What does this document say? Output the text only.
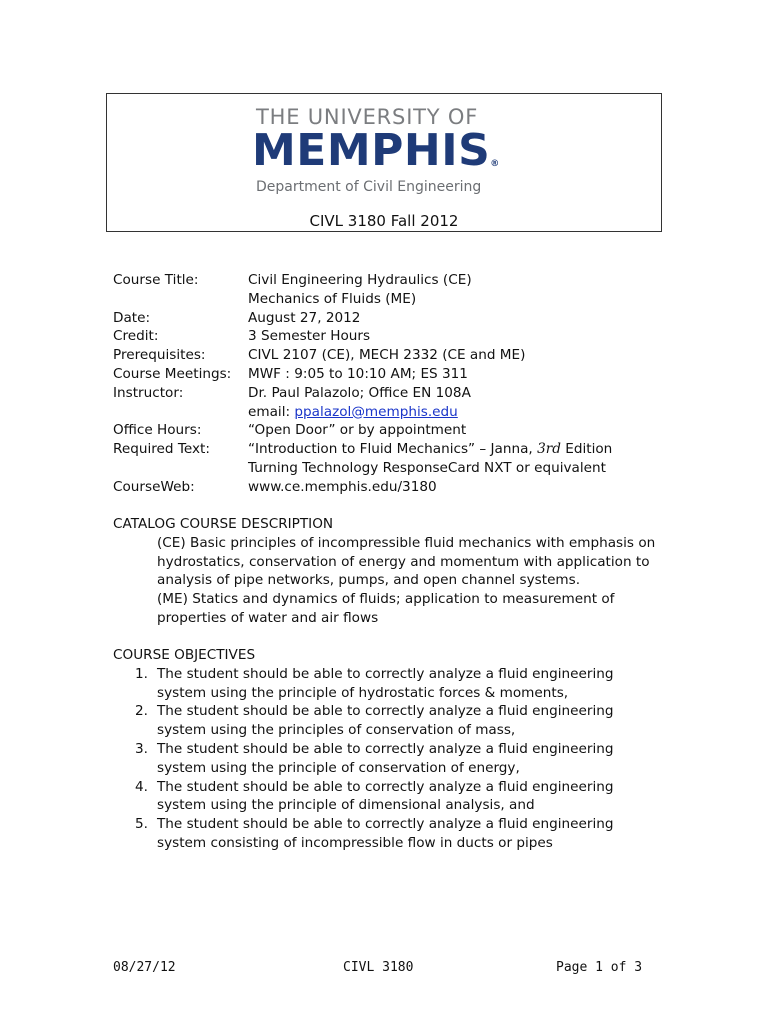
THE UNIVERSITY OF
MEMPHIS®
Department of Civil Engineering
CIVL 3180 Fall 2012
Course Title:	Civil Engineering Hydraulics (CE)
Mechanics of Fluids (ME)
Date:	August 27, 2012
Credit:	3 Semester Hours
Prerequisites:	CIVL 2107 (CE), MECH 2332 (CE and ME)
Course Meetings:	MWF : 9:05 to 10:10 AM; ES 311
Instructor:	Dr. Paul Palazolo; Office EN 108A
email: ppalazol@memphis.edu
Office Hours:	“Open Door” or by appointment
Required Text:	“Introduction to Fluid Mechanics” – Janna, 3rd Edition
Turning Technology ResponseCard NXT or equivalent
CourseWeb:	www.ce.memphis.edu/3180
CATALOG COURSE DESCRIPTION
(CE) Basic principles of incompressible fluid mechanics with emphasis on hydrostatics, conservation of energy and momentum with application to analysis of pipe networks, pumps, and open channel systems.
(ME) Statics and dynamics of fluids; application to measurement of properties of water and air flows
COURSE OBJECTIVES
1. The student should be able to correctly analyze a fluid engineering system using the principle of hydrostatic forces & moments,
2. The student should be able to correctly analyze a fluid engineering system using the principles of conservation of mass,
3. The student should be able to correctly analyze a fluid engineering system using the principle of conservation of energy,
4. The student should be able to correctly analyze a fluid engineering system using the principle of dimensional analysis, and
5. The student should be able to correctly analyze a fluid engineering system consisting of incompressible flow in ducts or pipes
08/27/12	CIVL 3180	Page 1 of 3
